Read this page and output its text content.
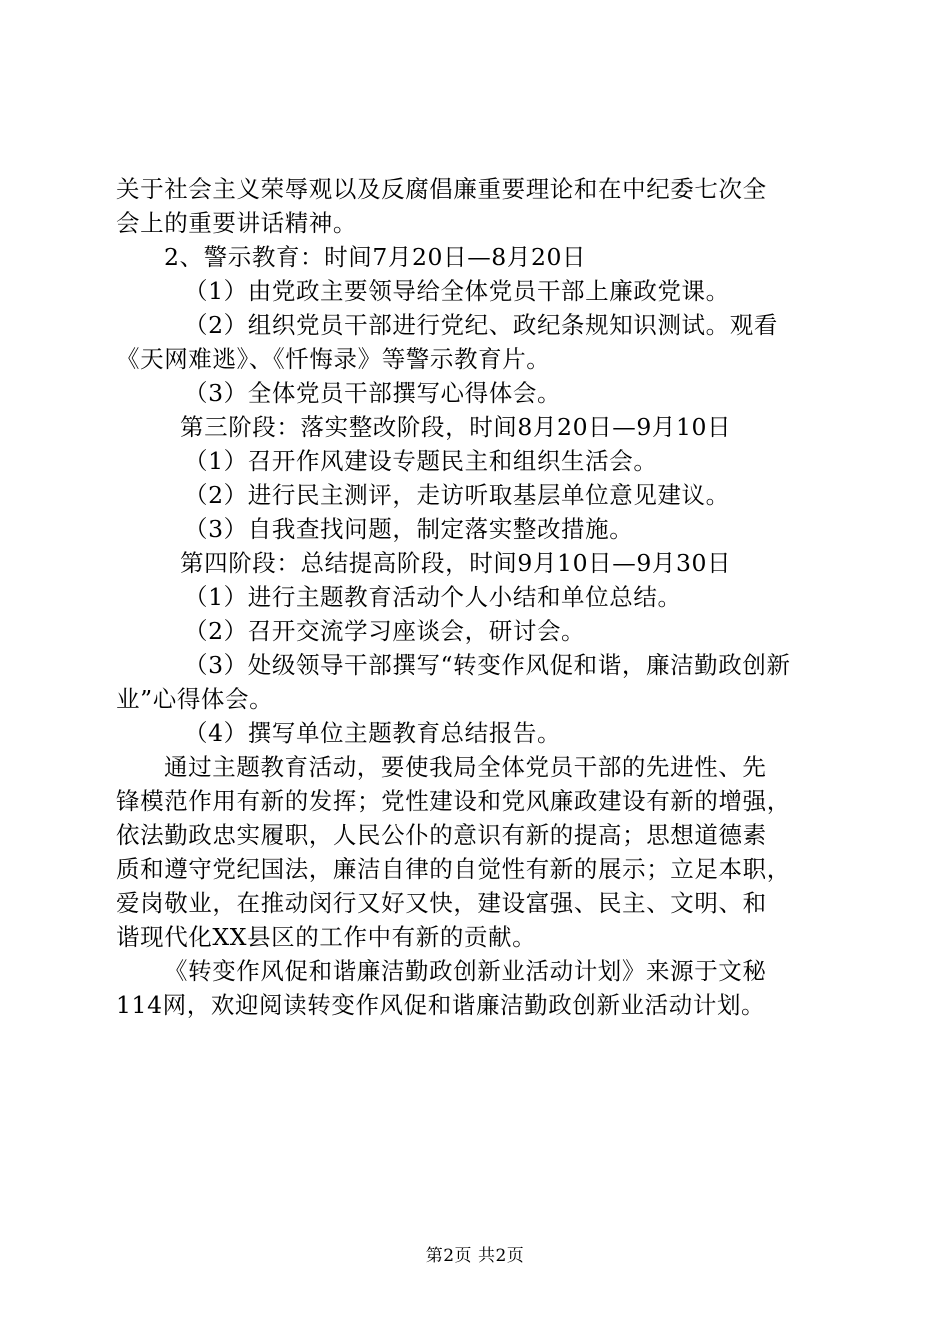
关于社会主义荣辱观以及反腐倡廉重要理论和在中纪委七次全
会上的重要讲话精神。
2、警示教育：时间7月20日—8月20日
（1）由党政主要领导给全体党员干部上廉政党课。
（2）组织党员干部进行党纪、政纪条规知识测试。观看
《天网难逃》、《忏悔录》等警示教育片。
（3）全体党员干部撰写心得体会。
第三阶段：落实整改阶段，时间8月20日—9月10日
（1）召开作风建设专题民主和组织生活会。
（2）进行民主测评，走访听取基层单位意见建议。
（3）自我查找问题，制定落实整改措施。
第四阶段：总结提高阶段，时间9月10日—9月30日
（1）进行主题教育活动个人小结和单位总结。
（2）召开交流学习座谈会，研讨会。
（3）处级领导干部撰写“转变作风促和谐，廉洁勤政创新
业”心得体会。
（4）撰写单位主题教育总结报告。
通过主题教育活动，要使我局全体党员干部的先进性、先
锋模范作用有新的发挥；党性建设和党风廉政建设有新的增强，
依法勤政忠实履职，人民公仆的意识有新的提高；思想道德素
质和遵守党纪国法，廉洁自律的自觉性有新的展示；立足本职，
爱岗敬业，在推动闵行又好又快，建设富强、民主、文明、和
谐现代化XX县区的工作中有新的贡献。
《转变作风促和谐廉洁勤政创新业活动计划》来源于文秘
114网，欢迎阅读转变作风促和谐廉洁勤政创新业活动计划。
第2页 共2页
